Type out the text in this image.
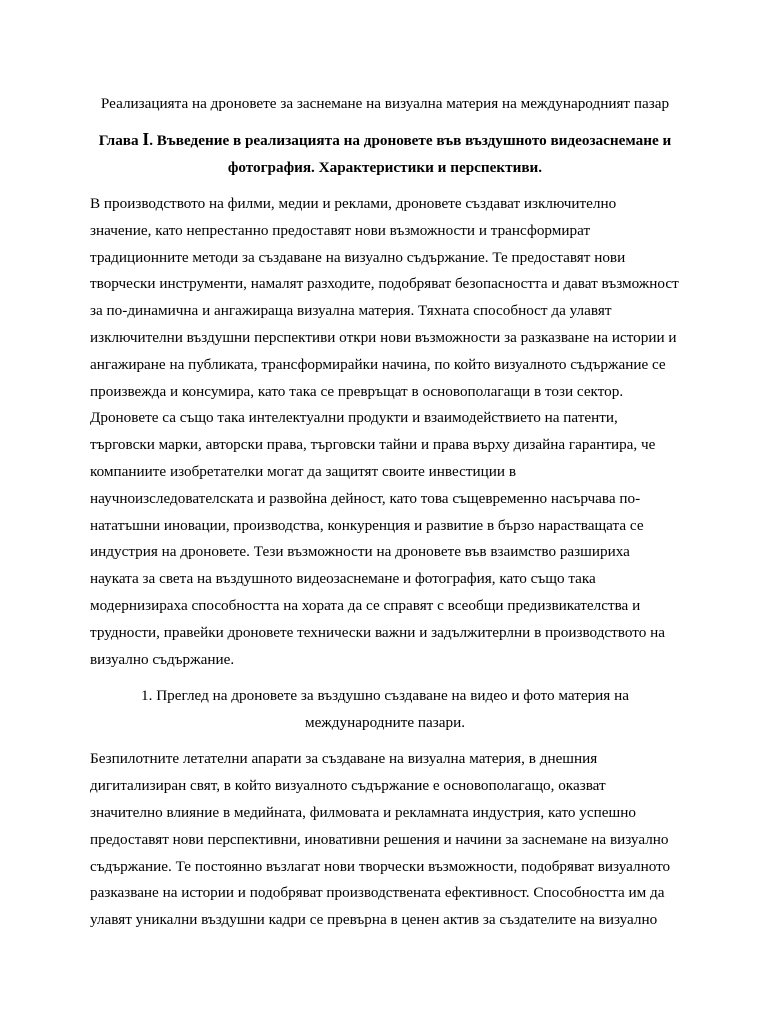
Реализацията на дроновете за заснемане на визуална материя на международният пазар

Глава I. Въведение в реализацията на дроновете във въздушното видеозаснемане и
фотография. Характеристики и перспективи.

В производството на филми, медии и реклами, дроновете създават изключително
значение, като непрестанно предоставят нови възможности и трансформират
традиционните методи за създаване на визуално съдържание. Те предоставят нови
творчески инструменти, намалят разходите, подобряват безопасността и дават възможност
за по-динамична и ангажираща визуална материя. Тяхната способност да улавят
изключителни въздушни перспективи откри нови възможности за разказване на истории и
ангажиране на публиката, трансформирайки начина, по който визуалното съдържание се
произвежда и консумира, като така се превръщат в основополагащи в този сектор.
Дроновете са също така интелектуални продукти и взаимодействието на патенти,
търговски марки, авторски права, търговски тайни и права върху дизайна гарантира, че
компаниите изобретателки могат да защитят своите инвестиции в
научноизследователската и развойна дейност, като това същевременно насърчава по-
нататъшни иновации, производства, конкуренция и развитие в бързо нарастващата се
индустрия на дроновете. Тези възможности на дроновете във взаимство разшириха
науката за света на въздушното видеозаснемане и фотография, като също така
модернизираха способността на хората да се справят с всеобщи предизвикателства и
трудности, правейки дроновете технически важни и задължитерлни в производството на
визуално съдържание.

1. Преглед на дроновете за въздушно създаване на видео и фото материя на
международните пазари.

Безпилотните летателни апарати за създаване на визуална материя, в днешния
дигитализиран свят, в който визуалното съдържание е основополагащо, оказват
значително влияние в медийната, филмовата и рекламната индустрия, като успешно
предоставят нови перспективни, иновативни решения и начини за заснемане на визуално
съдържание. Те постоянно възлагат нови творчески възможности, подобряват визуалното
разказване на истории и подобряват производствената ефективност. Способността им да
улавят уникални въздушни кадри се превърна в ценен актив за създателите на визуално
